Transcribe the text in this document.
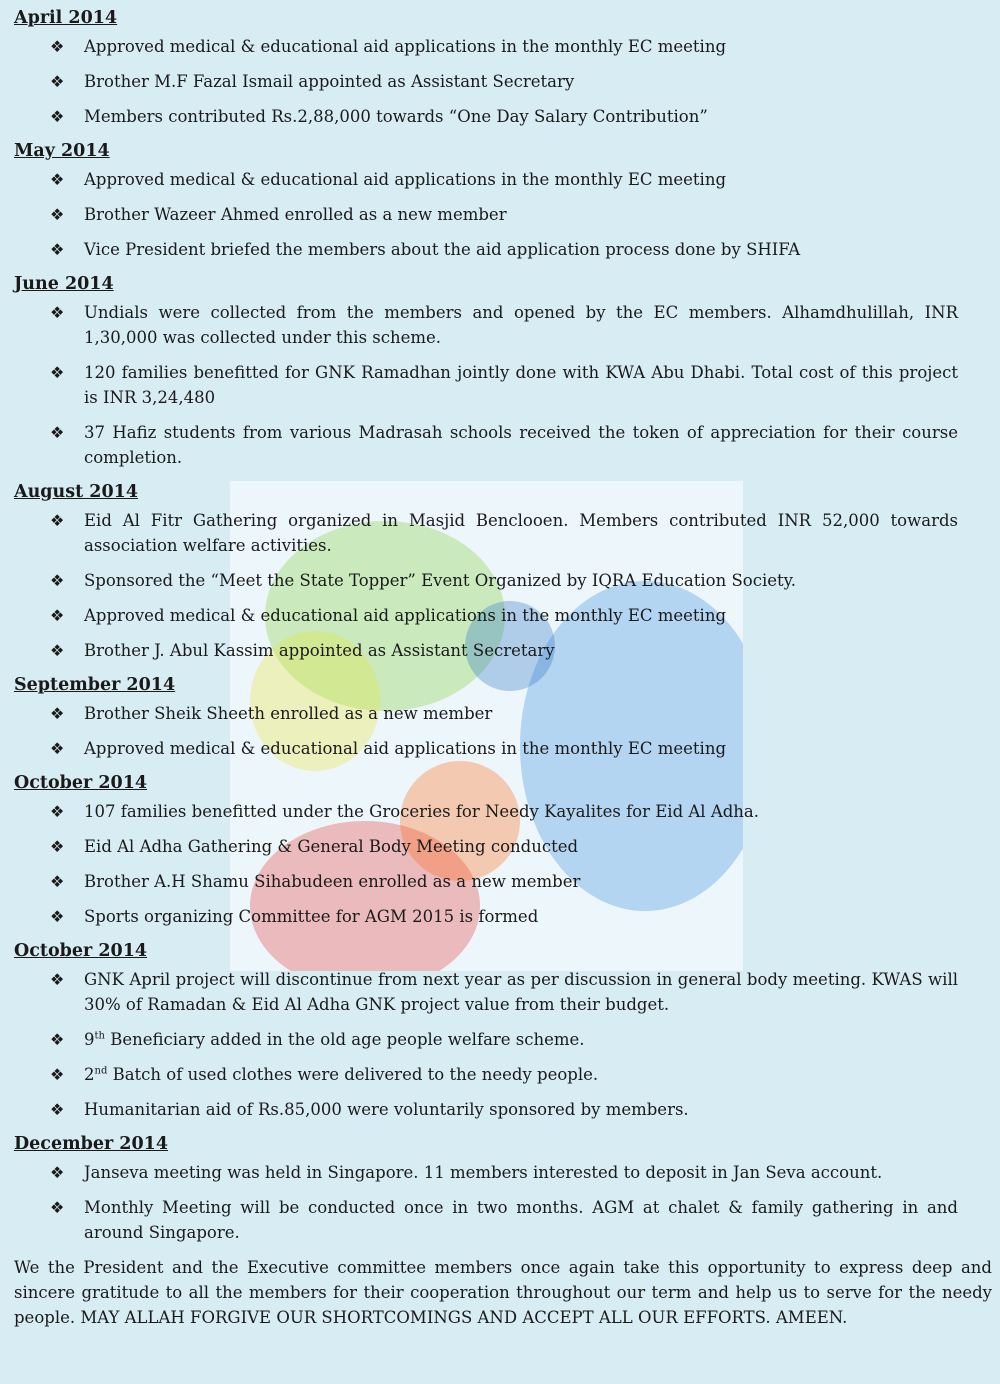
April 2014
❖ Approved medical & educational aid applications in the monthly EC meeting
❖ Brother M.F Fazal Ismail appointed as Assistant Secretary
❖ Members contributed Rs.2,88,000 towards “One Day Salary Contribution”
May 2014
❖ Approved medical & educational aid applications in the monthly EC meeting
❖ Brother Wazeer Ahmed enrolled as a new member
❖ Vice President briefed the members about the aid application process done by SHIFA
June 2014
❖ Undials were collected from the members and opened by the EC members. Alhamdhulillah, INR 1,30,000 was collected under this scheme.
❖ 120 families benefitted for GNK Ramadhan jointly done with KWA Abu Dhabi. Total cost of this project is INR 3,24,480
❖ 37 Hafiz students from various Madrasah schools received the token of appreciation for their course completion.
August 2014
❖ Eid Al Fitr Gathering organized in Masjid Benclooen. Members contributed INR 52,000 towards association welfare activities.
❖ Sponsored the “Meet the State Topper” Event Organized by IQRA Education Society.
❖ Approved medical & educational aid applications in the monthly EC meeting
❖ Brother J. Abul Kassim appointed as Assistant Secretary
September 2014
❖ Brother Sheik Sheeth enrolled as a new member
❖ Approved medical & educational aid applications in the monthly EC meeting
October 2014
❖ 107 families benefitted under the Groceries for Needy Kayalites for Eid Al Adha.
❖ Eid Al Adha Gathering & General Body Meeting conducted
❖ Brother A.H Shamu Sihabudeen enrolled as a new member
❖ Sports organizing Committee for AGM 2015 is formed
October 2014
❖ GNK April project will discontinue from next year as per discussion in general body meeting. KWAS will 30% of Ramadan & Eid Al Adha GNK project value from their budget.
❖ 9th Beneficiary added in the old age people welfare scheme.
❖ 2nd Batch of used clothes were delivered to the needy people.
❖ Humanitarian aid of Rs.85,000 were voluntarily sponsored by members.
December 2014
❖ Janseva meeting was held in Singapore. 11 members interested to deposit in Jan Seva account.
❖ Monthly Meeting will be conducted once in two months. AGM at chalet & family gathering in and around Singapore.
We the President and the Executive committee members once again take this opportunity to express deep and sincere gratitude to all the members for their cooperation throughout our term and help us to serve for the needy people. MAY ALLAH FORGIVE OUR SHORTCOMINGS AND ACCEPT ALL OUR EFFORTS. AMEEN.
